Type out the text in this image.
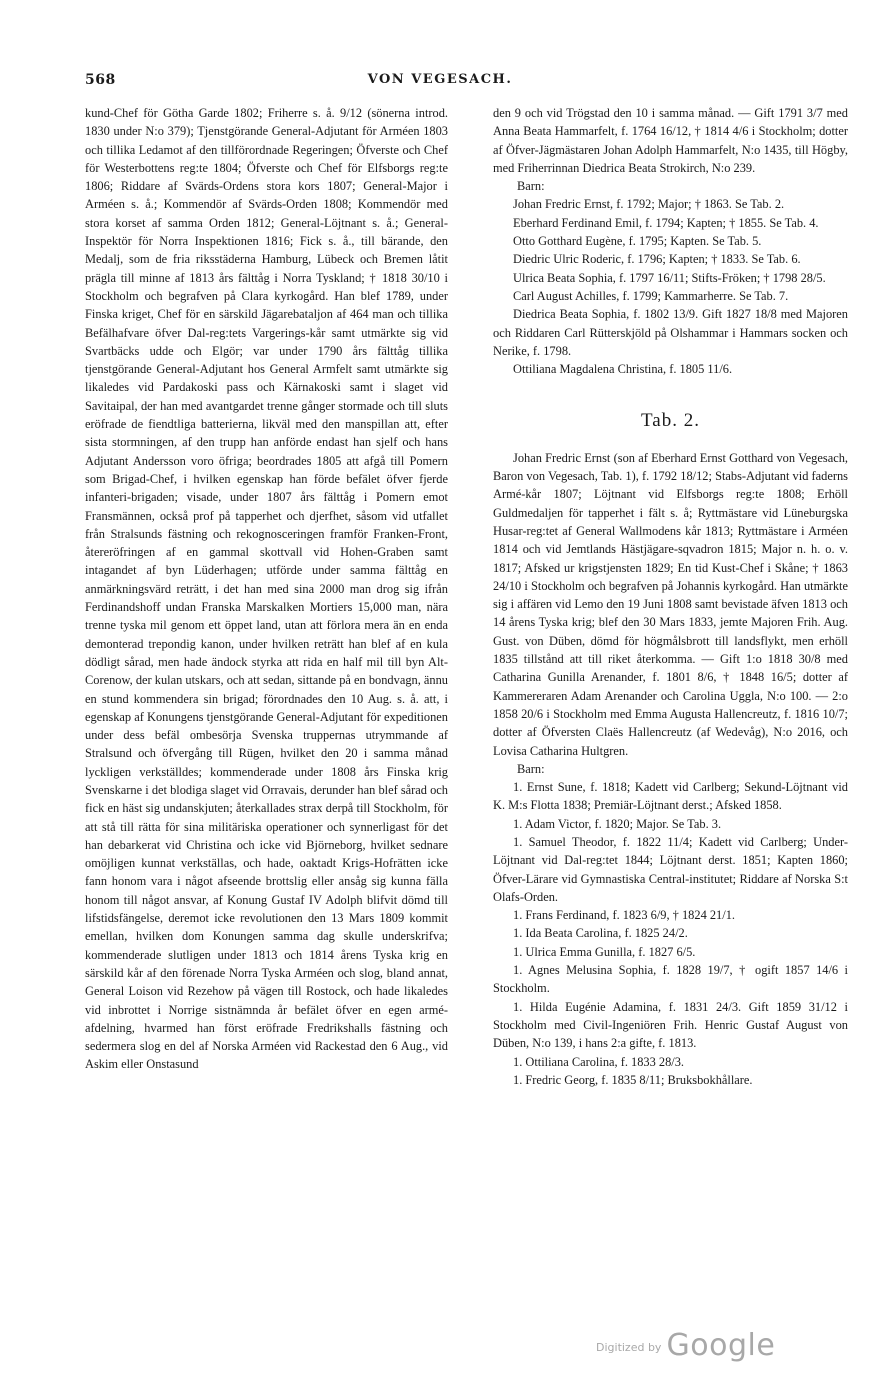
568	VON VEGESACH.

kund-Chef för Götha Garde 1802; Friherre s. å. 9/12 (sönerna introd. 1830 under N:o 379); Tjenstgörande General-Adjutant för Arméen 1803 och tillika Ledamot af den tillförordnade Regeringen; Öfverste och Chef för Westerbottens reg:te 1804; Öfverste och Chef för Elfsborgs reg:te 1806; Riddare af Svärds-Ordens stora kors 1807; General-Major i Arméen s. å.; Kommendör af Svärds-Orden 1808; Kommendör med stora korset af samma Orden 1812; General-Löjtnant s. å.; General-Inspektör för Norra Inspektionen 1816; Fick s. å., till bärande, den Medalj, som de fria riksstäderna Hamburg, Lübeck och Bremen låtit prägla till minne af 1813 års fälttåg i Norra Tyskland; † 1818 30/10 i Stockholm och begrafven på Clara kyrkogård. Han blef 1789, under Finska kriget, Chef för en särskild Jägarebataljon af 464 man och tillika Befälhafvare öfver Dal-reg:tets Vargerings-kår samt utmärkte sig vid Svartbäcks udde och Elgör; var under 1790 års fälttåg tillika tjenstgörande General-Adjutant hos General Armfelt samt utmärkte sig likaledes vid Pardakoski pass och Kärnakoski samt i slaget vid Savitaipal, der han med avantgardet trenne gånger stormade och till sluts eröfrade de fiendtliga batterierna, likväl med den manspillan att, efter sista stormningen, af den trupp han anförde endast han sjelf och hans Adjutant Andersson voro öfriga; beordrades 1805 att afgå till Pomern som Brigad-Chef, i hvilken egenskap han förde befälet öfver fjerde infanteri-brigaden; visade, under 1807 års fälttåg i Pomern emot Fransmännen, också prof på tapperhet och djerfhet, såsom vid utfallet från Stralsunds fästning och rekognosceringen framför Franken-Front, återeröfringen af en gammal skottvall vid Hohen-Graben samt intagandet af byn Lüderhagen; utförde under samma fälttåg en anmärkningsvärd reträtt, i det han med sina 2000 man drog sig ifrån Ferdinandshoff undan Franska Marskalken Mortiers 15,000 man, nära trenne tyska mil genom ett öppet land, utan att förlora mera än en enda demonterad trepondig kanon, under hvilken reträtt han blef af en kula dödligt sårad, men hade ändock styrka att rida en half mil till byn Alt-Corenow, der kulan utskars, och att sedan, sittande på en bondvagn, ännu en stund kommendera sin brigad; förordnades den 10 Aug. s. å. att, i egenskap af Konungens tjenstgörande General-Adjutant för expeditionen under dess befäl ombesörja Svenska truppernas utrymmande af Stralsund och öfvergång till Rügen, hvilket den 20 i samma månad lyckligen verkställdes; kommenderade under 1808 års Finska krig Svenskarne i det blodiga slaget vid Orravais, derunder han blef sårad och fick en häst sig undanskjuten; återkallades strax derpå till Stockholm, för att stå till rätta för sina militäriska operationer och synnerligast för det han debarkerat vid Christina och icke vid Björneborg, hvilket sednare omöjligen kunnat verkställas, och hade, oaktadt Krigs-Hofrätten icke fann honom vara i något afseende brottslig eller ansåg sig kunna fälla honom till något ansvar, af Konung Gustaf IV Adolph blifvit dömd till lifstidsfängelse, deremot icke revolutionen den 13 Mars 1809 kommit emellan, hvilken dom Konungen samma dag skulle underskrifva; kommenderade slutligen under 1813 och 1814 årens Tyska krig en särskild kår af den förenade Norra Tyska Arméen och slog, bland annat, General Loison vid Rezehow på vägen till Rostock, och hade likaledes vid inbrottet i Norrige sistnämnda år befälet öfver en egen armé-afdelning, hvarmed han först eröfrade Fredrikshalls fästning och sedermera slog en del af Norska Arméen vid Rackestad den 6 Aug., vid Askim eller Onstasund

den 9 och vid Trögstad den 10 i samma månad. — Gift 1791 3/7 med Anna Beata Hammarfelt, f. 1764 16/12, † 1814 4/6 i Stockholm; dotter af Öfver-Jägmästaren Johan Adolph Hammarfelt, N:o 1435, till Högby, med Friherrinnan Diedrica Beata Strokirch, N:o 239.

Barn:

Johan Fredric Ernst, f. 1792; Major; † 1863. Se Tab. 2.

Eberhard Ferdinand Emil, f. 1794; Kapten; † 1855. Se Tab. 4.

Otto Gotthard Eugène, f. 1795; Kapten. Se Tab. 5.

Diedric Ulric Roderic, f. 1796; Kapten; † 1833. Se Tab. 6.

Ulrica Beata Sophia, f. 1797 16/11; Stifts-Fröken; † 1798 28/5.

Carl August Achilles, f. 1799; Kammarherre. Se Tab. 7.

Diedrica Beata Sophia, f. 1802 13/9. Gift 1827 18/8 med Majoren och Riddaren Carl Rütterskjöld på Olshammar i Hammars socken och Nerike, f. 1798.

Ottiliana Magdalena Christina, f. 1805 11/6.

Tab. 2.

Johan Fredric Ernst (son af Eberhard Ernst Gotthard von Vegesach, Baron von Vegesach, Tab. 1), f. 1792 18/12; Stabs-Adjutant vid faderns Armé-kår 1807; Löjtnant vid Elfsborgs reg:te 1808; Erhöll Guldmedaljen för tapperhet i fält s. å; Ryttmästare vid Lüneburgska Husar-reg:tet af General Wallmodens kår 1813; Ryttmästare i Arméen 1814 och vid Jemtlands Hästjägare-sqvadron 1815; Major n. h. o. v. 1817; Afsked ur krigstjensten 1829; En tid Kust-Chef i Skåne; † 1863 24/10 i Stockholm och begrafven på Johannis kyrkogård. Han utmärkte sig i affären vid Lemo den 19 Juni 1808 samt bevistade äfven 1813 och 14 årens Tyska krig; blef den 30 Mars 1833, jemte Majoren Frih. Aug. Gust. von Düben, dömd för högmålsbrott till landsflykt, men erhöll 1835 tillstånd att till riket återkomma. — Gift 1:o 1818 30/8 med Catharina Gunilla Arenander, f. 1801 8/6, † 1848 16/5; dotter af Kammereraren Adam Arenander och Carolina Uggla, N:o 100. — 2:o 1858 20/6 i Stockholm med Emma Augusta Hallencreutz, f. 1816 10/7; dotter af Öfversten Claës Hallencreutz (af Wedevåg), N:o 2016, och Lovisa Catharina Hultgren.

Barn:

1. Ernst Sune, f. 1818; Kadett vid Carlberg; Sekund-Löjtnant vid K. M:s Flotta 1838; Premiär-Löjtnant derst.; Afsked 1858.

1. Adam Victor, f. 1820; Major. Se Tab. 3.

1. Samuel Theodor, f. 1822 11/4; Kadett vid Carlberg; Under-Löjtnant vid Dal-reg:tet 1844; Löjtnant derst. 1851; Kapten 1860; Öfver-Lärare vid Gymnastiska Central-institutet; Riddare af Norska S:t Olafs-Orden.

1. Frans Ferdinand, f. 1823 6/9, † 1824 21/1.

1. Ida Beata Carolina, f. 1825 24/2.

1. Ulrica Emma Gunilla, f. 1827 6/5.

1. Agnes Melusina Sophia, f. 1828 19/7, † ogift 1857 14/6 i Stockholm.

1. Hilda Eugénie Adamina, f. 1831 24/3. Gift 1859 31/12 i Stockholm med Civil-Ingeniören Frih. Henric Gustaf August von Düben, N:o 139, i hans 2:a gifte, f. 1813.

1. Ottiliana Carolina, f. 1833 28/3.

1. Fredric Georg, f. 1835 8/11; Bruksbokhållare.

$^{Digitized by}$ Google
